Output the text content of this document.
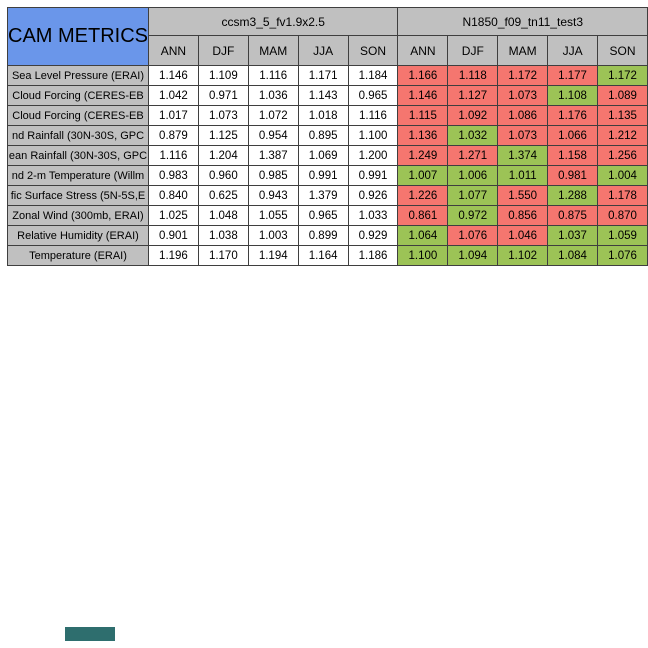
CAM METRICS	ccsm3_5_fv1.9x2.5					N1850_f09_tn11_test3				
	ANN	DJF	MAM	JJA	SON	ANN	DJF	MAM	JJA	SON
Sea Level Pressure (ERAI)	1.146	1.109	1.116	1.171	1.184	1.166	1.118	1.172	1.177	1.172
Cloud Forcing (CERES-EB	1.042	0.971	1.036	1.143	0.965	1.146	1.127	1.073	1.108	1.089
Cloud Forcing (CERES-EB	1.017	1.073	1.072	1.018	1.116	1.115	1.092	1.086	1.176	1.135
nd Rainfall (30N-30S, GPC	0.879	1.125	0.954	0.895	1.100	1.136	1.032	1.073	1.066	1.212
ean Rainfall (30N-30S, GPC	1.116	1.204	1.387	1.069	1.200	1.249	1.271	1.374	1.158	1.256
nd 2-m Temperature (Willm	0.983	0.960	0.985	0.991	0.991	1.007	1.006	1.011	0.981	1.004
fic Surface Stress (5N-5S,E	0.840	0.625	0.943	1.379	0.926	1.226	1.077	1.550	1.288	1.178
Zonal Wind (300mb, ERAI)	1.025	1.048	1.055	0.965	1.033	0.861	0.972	0.856	0.875	0.870
Relative Humidity (ERAI)	0.901	1.038	1.003	0.899	0.929	1.064	1.076	1.046	1.037	1.059
Temperature (ERAI)	1.196	1.170	1.194	1.164	1.186	1.100	1.094	1.102	1.084	1.076
